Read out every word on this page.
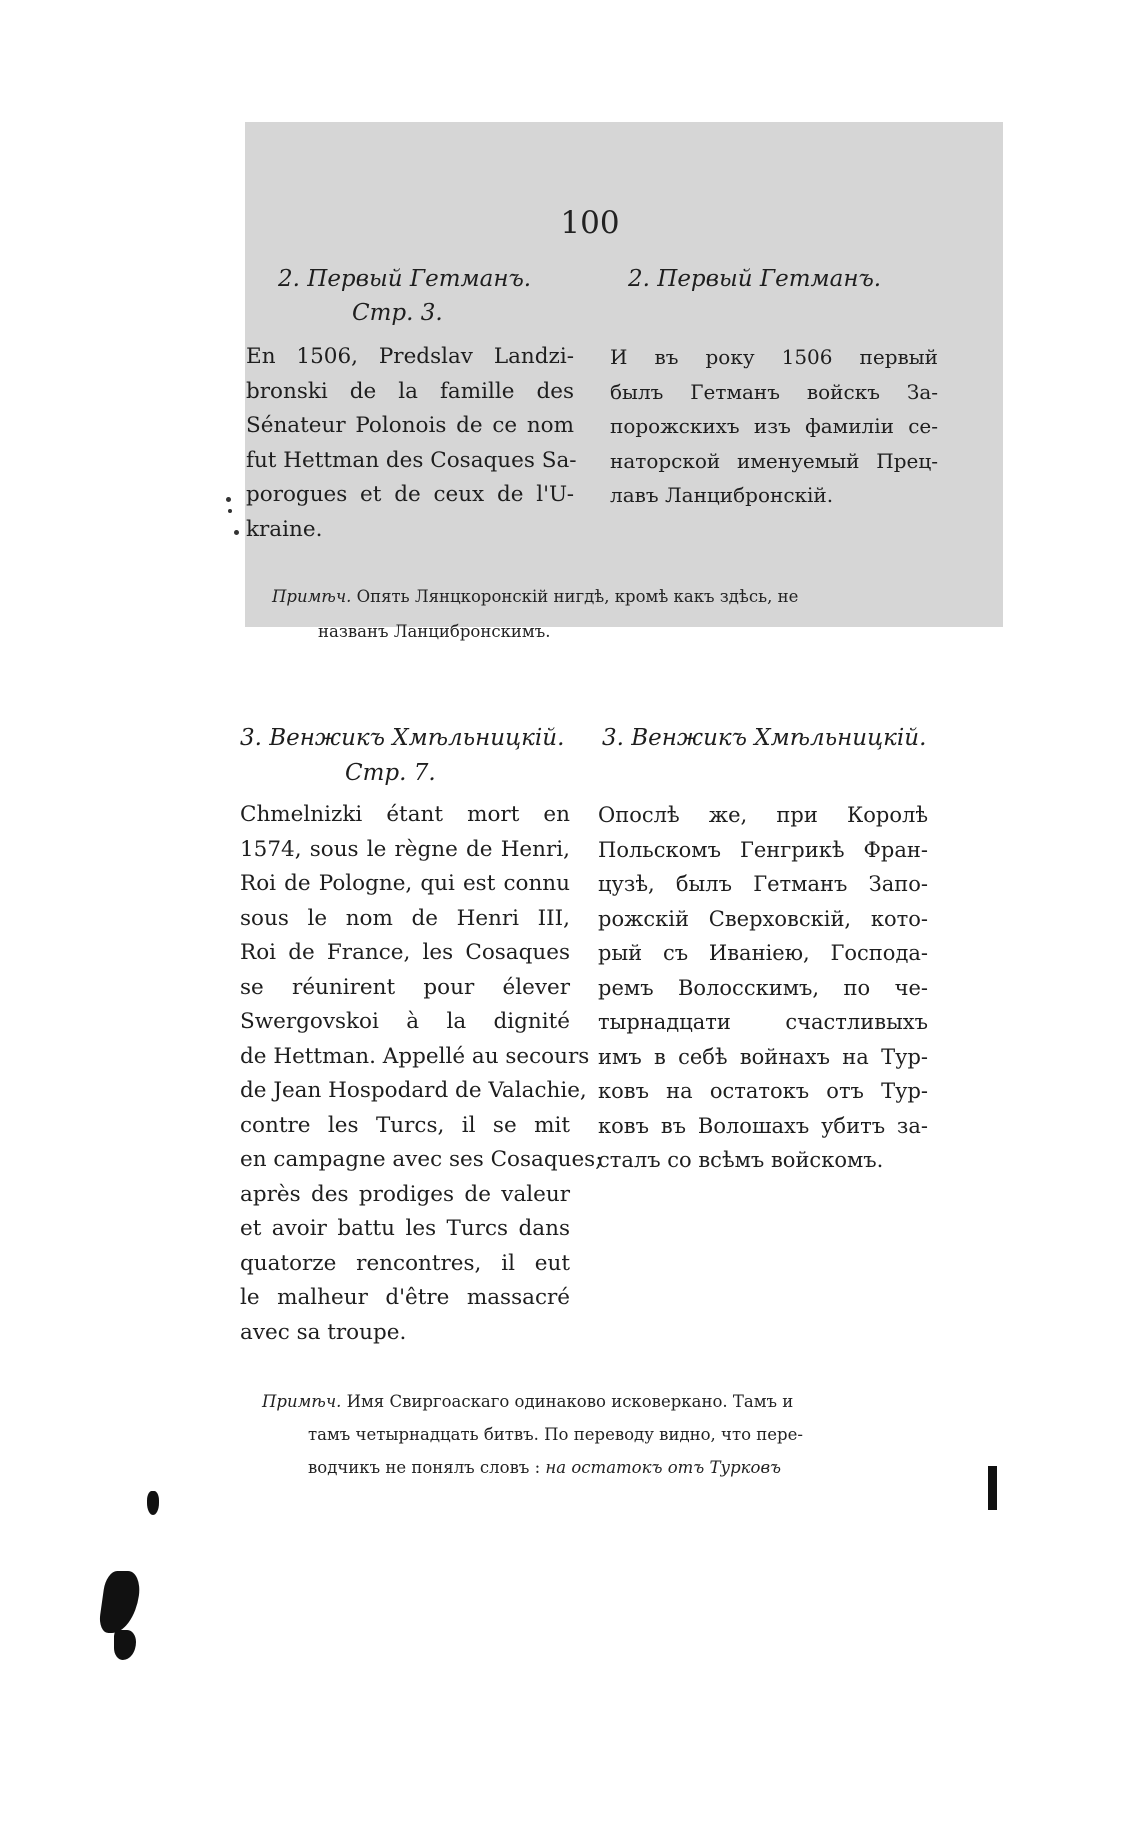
100
2. Первый Гетманъ.
Стр. 3.
2. Первый Гетманъ.
En 1506, Predslav Landzi-
bronski de la famille des
Sénateur Polonois de ce nom
fut Hettman des Cosaques Sa-
porogues et de ceux de l'U-
kraine.
И въ року 1506 первый
былъ Гетманъ войскъ За-
порожскихъ изъ фамиліи се-
наторской именуемый Прец-
лавъ Ланцибронскій.
Примѣч. Опять Лянцкоронскій нигдѣ, кромѣ какъ здѣсь, не
названъ Ланцибронскимъ.
3. Венжикъ Хмѣльницкій.
Стр. 7.
3. Венжикъ Хмѣльницкій.
Chmelnizki étant mort en
1574, sous le règne de Henri,
Roi de Pologne, qui est connu
sous le nom de Henri III,
Roi de France, les Cosaques
se réunirent pour élever
Swergovskoi à la dignité
de Hettman. Appellé au secours
de Jean Hospodard de Valachie,
contre les Turcs, il se mit
en campagne avec ses Cosaques;
après des prodiges de valeur
et avoir battu les Turcs dans
quatorze rencontres, il eut
le malheur d'être massacré
avec sa troupe.
Опослѣ же, при Королѣ
Польскомъ Генгрикѣ Фран-
цузѣ, былъ Гетманъ Запо-
рожскій Сверховскій, кото-
рый съ Иваніею, Господа-
ремъ Волосскимъ, по че-
тырнадцати счастливыхъ
имъ в себѣ войнахъ на Тур-
ковъ на остатокъ отъ Тур-
ковъ въ Волошахъ убитъ за-
сталъ со всѣмъ войскомъ.
Примѣч. Имя Свиргоаскаго одинаково исковеркано. Тамъ и
тамъ четырнадцать битвъ. По переводу видно, что пере-
водчикъ не понялъ словъ : на остатокъ отъ Турковъ
